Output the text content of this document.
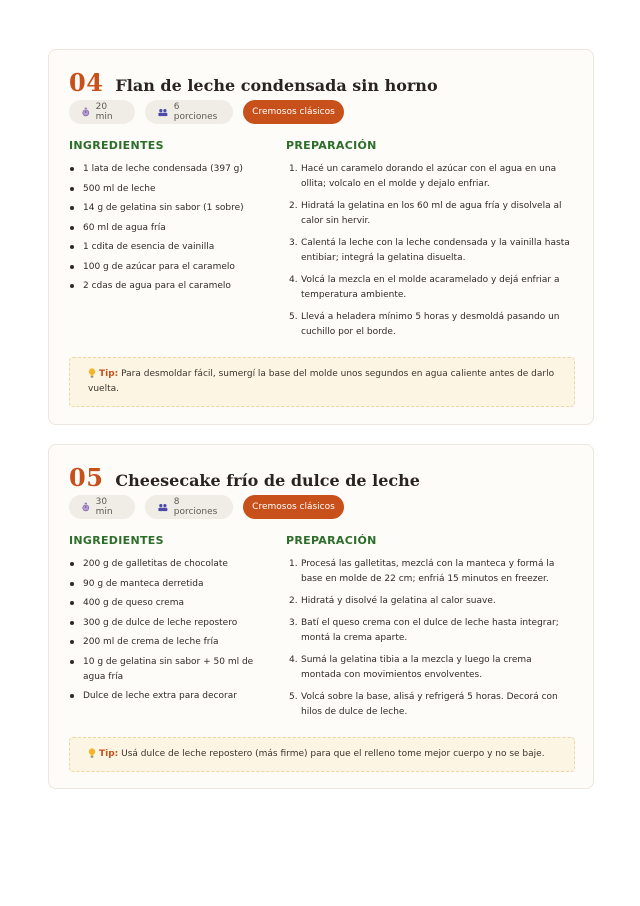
04 Flan de leche condensada sin horno
20 min
6 porciones	Cremosos clásicos
INGREDIENTES	PREPARACIÓN
1 lata de leche condensada (397 g)
500 ml de leche
14 g de gelatina sin sabor (1 sobre)
60 ml de agua fría
1 cdita de esencia de vainilla
100 g de azúcar para el caramelo
2 cdas de agua para el caramelo
1. Hacé un caramelo dorando el azúcar con el agua en una ollita; volcalo en el molde y dejalo enfriar.
2. Hidratá la gelatina en los 60 ml de agua fría y disolvela al calor sin hervir.
3. Calentá la leche con la leche condensada y la vainilla hasta entibiar; integrá la gelatina disuelta.
4. Volcá la mezcla en el molde acaramelado y dejá enfriar a temperatura ambiente.
5. Llevá a heladera mínimo 5 horas y desmoldá pasando un cuchillo por el borde.
Tip: Para desmoldar fácil, sumergí la base del molde unos segundos en agua caliente antes de darlo vuelta.
05 Cheesecake frío de dulce de leche
30 min
8 porciones	Cremosos clásicos
INGREDIENTES	PREPARACIÓN
200 g de galletitas de chocolate
90 g de manteca derretida
400 g de queso crema
300 g de dulce de leche repostero
200 ml de crema de leche fría
10 g de gelatina sin sabor + 50 ml de agua fría
Dulce de leche extra para decorar
1. Procesá las galletitas, mezclá con la manteca y formá la base en molde de 22 cm; enfriá 15 minutos en freezer.
2. Hidratá y disolvé la gelatina al calor suave.
3. Batí el queso crema con el dulce de leche hasta integrar; montá la crema aparte.
4. Sumá la gelatina tibia a la mezcla y luego la crema montada con movimientos envolventes.
5. Volcá sobre la base, alisá y refrigerá 5 horas. Decorá con hilos de dulce de leche.
Tip: Usá dulce de leche repostero (más firme) para que el relleno tome mejor cuerpo y no se baje.
